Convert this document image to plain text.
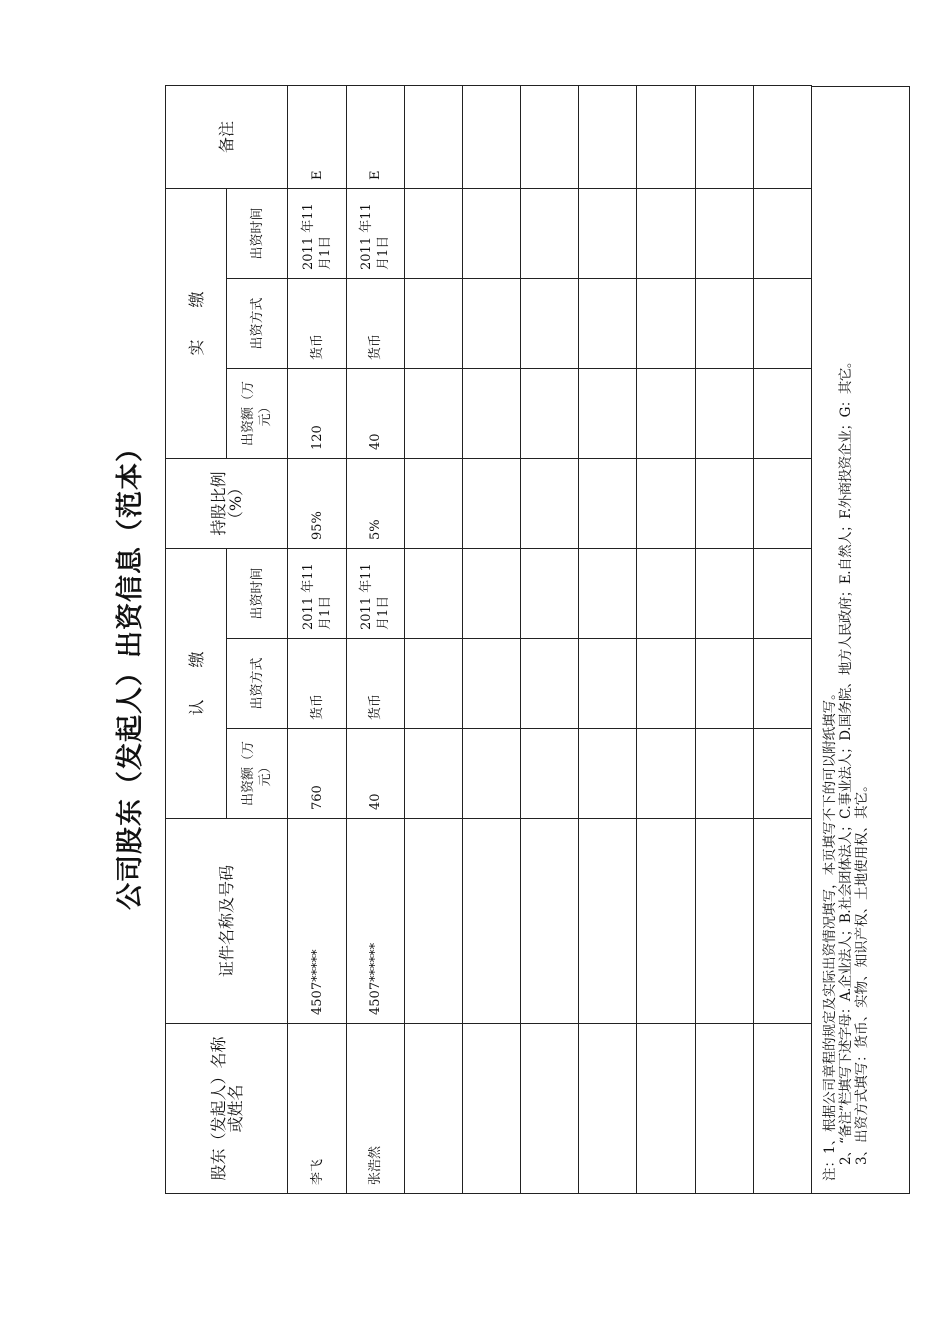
公司股东（发起人）出资信息（范本）
股东（发起人）名称或姓名	证件名称及号码	认　　缴			持股比例（%）	实　　缴			备注
		出资额（万元）	出资方式	出资时间		出资额（万元）	出资方式	出资时间	
李飞	4507*****	760	货币	2011 年11月1日	95%	120	货币	2011 年11月1日	E
张浩然	4507******	40	货币	2011 年11月1日	5%	40	货币	2011 年11月1日	E

注：1、根据公司章程的规定及实际出资情况填写，本页填写不下的可以附纸填写。 2、“备注”栏填写下述字母：A.企业法人；B.社会团体法人；C.事业法人；D.国务院、地方人民政府；E.自然人；F.外商投资企业；G：其它。 3、出资方式填写：货币、实物、知识产权、土地使用权、其它。
